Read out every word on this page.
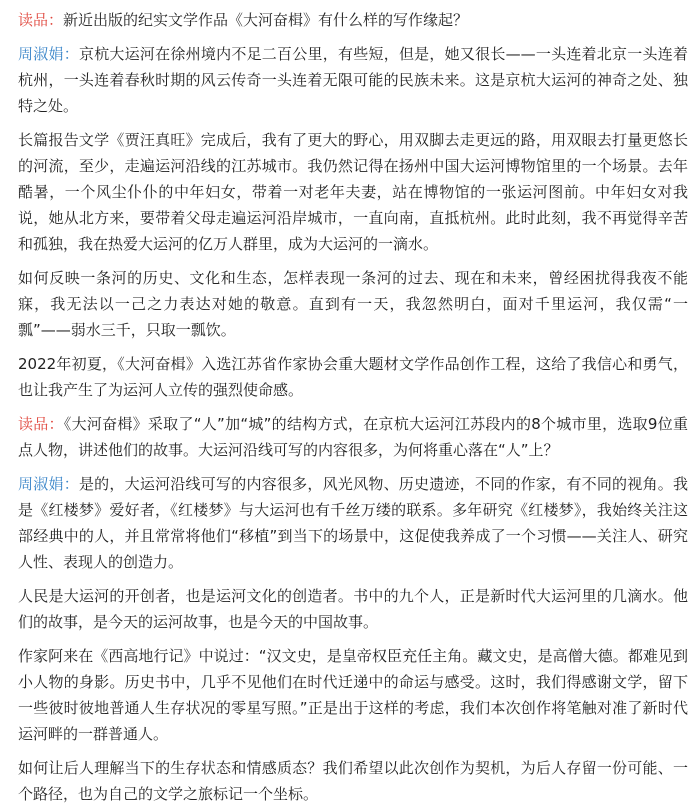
读品：新近出版的纪实文学作品《大河奋楫》有什么样的写作缘起？

周淑娟：京杭大运河在徐州境内不足二百公里，有些短，但是，她又很长——一头连着北京一头连着杭州，一头连着春秋时期的风云传奇一头连着无限可能的民族未来。这是京杭大运河的神奇之处、独特之处。

长篇报告文学《贾汪真旺》完成后，我有了更大的野心，用双脚去走更远的路，用双眼去打量更悠长的河流，至少，走遍运河沿线的江苏城市。我仍然记得在扬州中国大运河博物馆里的一个场景。去年酷暑，一个风尘仆仆的中年妇女，带着一对老年夫妻，站在博物馆的一张运河图前。中年妇女对我说，她从北方来，要带着父母走遍运河沿岸城市，一直向南，直抵杭州。此时此刻，我不再觉得辛苦和孤独，我在热爱大运河的亿万人群里，成为大运河的一滴水。

如何反映一条河的历史、文化和生态，怎样表现一条河的过去、现在和未来，曾经困扰得我夜不能寐，我无法以一己之力表达对她的敬意。直到有一天，我忽然明白，面对千里运河，我仅需“一瓢”——弱水三千，只取一瓢饮。

2022年初夏，《大河奋楫》入选江苏省作家协会重大题材文学作品创作工程，这给了我信心和勇气，也让我产生了为运河人立传的强烈使命感。

读品：《大河奋楫》采取了“人”加“城”的结构方式，在京杭大运河江苏段内的8个城市里，选取9位重点人物，讲述他们的故事。大运河沿线可写的内容很多，为何将重心落在“人”上？

周淑娟：是的，大运河沿线可写的内容很多，风光风物、历史遗迹，不同的作家，有不同的视角。我是《红楼梦》爱好者，《红楼梦》与大运河也有千丝万缕的联系。多年研究《红楼梦》，我始终关注这部经典中的人，并且常常将他们“移植”到当下的场景中，这促使我养成了一个习惯——关注人、研究人性、表现人的创造力。

人民是大运河的开创者，也是运河文化的创造者。书中的九个人，正是新时代大运河里的几滴水。他们的故事，是今天的运河故事，也是今天的中国故事。

作家阿来在《西高地行记》中说过：“汉文史，是皇帝权臣充任主角。藏文史，是高僧大德。都难见到小人物的身影。历史书中，几乎不见他们在时代迁递中的命运与感受。这时，我们得感谢文学，留下一些彼时彼地普通人生存状况的零星写照。”正是出于这样的考虑，我们本次创作将笔触对准了新时代运河畔的一群普通人。

如何让后人理解当下的生存状态和情感质态？我们希望以此次创作为契机，为后人存留一份可能、一个路径，也为自己的文学之旅标记一个坐标。
